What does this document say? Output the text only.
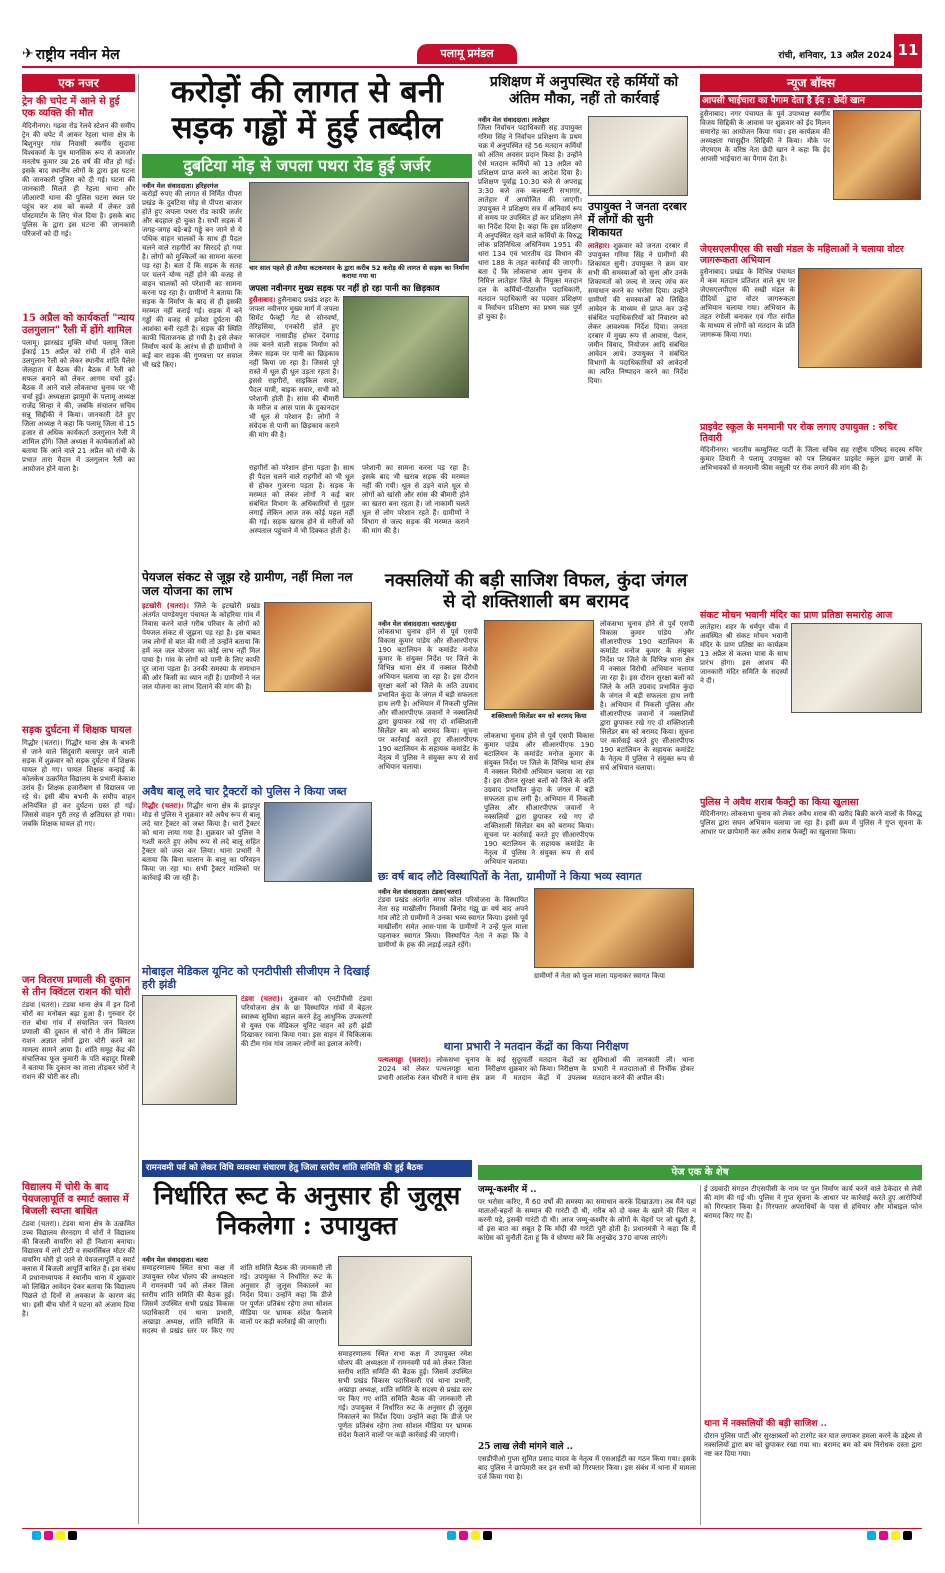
✈ राष्ट्रीय नवीन मेल	पलामू प्रमंडल	रांची, शनिवार, 13 अप्रैल 2024 11
एक नजर
ट्रेन की चपेट में आने से हुई एक व्यक्ति की मौत
मेदिनीनगर। गढ़वा रोड रेलवे स्टेशन की समीप ट्रेन की चपेट में आकर रेहला थाना क्षेत्र के बिशुनपुर गांव निवासी स्वर्गीय सुदामा विश्वकर्मा के पुत्र मानसिक रूप से कमजोर मनतोष कुमार उम्र 26 वर्ष की मौत हो गई। इसके बाद स्थानीय लोगों के द्वारा इस घटना की जानकारी पुलिस को दी गई। घटना की जानकारी मिलते ही रेहला थाना और जीआरपी थाना की पुलिस घटना स्थल पर पहुंच कर शव को कब्जे में लेकर उसे पोस्टमार्टम के लिए भेज दिया है। इसके बाद पुलिस के द्वारा इस घटना की जानकारी परिजनों को दी गई।
15 अप्रैल को कार्यकर्ता "न्याय उलगुलान" रैली में होंगे शामिल
पलामू। झारखंड मुक्ति मोर्चा पलामू जिला ईकाई 15 अप्रैल को रांची में होने वाले उलगुलान रैली को लेकर स्थानीय शांति पैलेस जेलहाता में बैठक की। बैठक में रैली को सफल बनाने को लेकर आगम चर्चा हुई। बैठक में आने वाले लोकसभा चुनाव पर भी चर्चा हुई। अध्यक्षता झामुमो के पलामू अध्यक्ष राजेंद्र सिन्हा ने की, जबकि संचालन सचिव सन्नू सिद्दीकी ने किया। जानकारी देते हुए जिला अध्यक्ष ने कहा कि पलामू जिला से 15 हजार से अधिक कार्यकर्ता उलगुलान रैली में शामिल होंगे। जिले अध्यक्ष ने कार्यकर्ताओं को बताया कि आने वाले 21 अप्रैल को रांची के प्रभात तारा मैदान में उलगुलान रैली का आयोजन होने वाला है।
सड़क दुर्घटना में शिक्षक घायल
गिद्धौर (चतरा)। गिद्धौर थाना क्षेत्र के बभनी से जाने वाले सिंदुवारी बरसपुर जाने वाली सड़क में शुक्रवार को सड़क दुर्घटना में शिक्षक घायल हो गए। घायल शिक्षक कन्हाई के कोलकेथ उत्क्रमित विद्यालय के प्रभारी केकाश उरांव हैं। शिक्षक हजारीबाग से विद्यालय जा रहे थे। इसी बीच बभनी के समीप वाहन अनियंत्रित हो कर दुर्घटना ग्रस्त हो गई। जिससे वाहन पूरी तरह से क्षतिग्रस्त हो गया। जबकि शिक्षक घायल हो गए।
जन वितरण प्रणाली की दुकान से तीन क्विंटल राशन की चोरी
टंडवा (चतरा)। टंडवा थाना क्षेत्र में इन दिनों चोरों का मनोबल बढ़ा हुआ है। गुरुवार देर रात बोधा गांव में संचालित जन वितरण प्रणाली की दुकान से चोरों ने तीन क्विंटल राशन अज्ञात लोगों द्वारा चोरी करने का मामला सामने आया है। शांति समूह केंद्र की संचालिका फूल कुमारी के पति बहादुर मिस्त्री ने बताया कि दुकान का ताला तोड़कर चोरों ने राशन की चोरी कर ली।
विद्यालय में चोरी के बाद पेयजलापूर्ति व स्मार्ट क्लास में बिजली स्वप्ता बाधित
टंडवा (चतरा)। टंडवा थाना क्षेत्र के उत्क्रमित उच्च विद्यालय सेरनदाग में चोरों ने विद्यालय की बिजली वायरिंग को ही निशाना बनाया। विद्यालय में लगे टोटी व सबमर्सिबल मोटर की वायरिंग चोरी हो जाने से पेयजलापूर्ति व स्मार्ट क्लास में बिजली आपूर्ति बाधित है। इस संबंध में प्रधानाध्यापक ने स्थानीय थाना में शुक्रवार को लिखित आवेदन देकर बताया कि विद्यालय पिछले दो दिनों से अवकाश के कारण बंद था। इसी बीच चोरों ने घटना को अंजाम दिया है।
करोड़ों की लागत से बनी सड़क गड्ढों में हुई तब्दील
दुबटिया मोड़ से जपला पथरा रोड हुई जर्जर
नवीन मेल संवाददाता। हरिहरगंज
करोड़ों रुपए की लागत से निर्मित पीपरा प्रखंड के दुबटिया मोड़ से पीपरा बाजार होते हुए जपला पथरा रोड काफी जर्जर और बदहाल हो चुका है। सभी सड़क में जगह-जगह बड़े-बड़े गड्ढे बन जाने से ये पथिक वाहन चालकों के साथ ही पैदल चलने वाले राहगीरों का सिरदर्द हो गया है। लोगों को मुश्किलों का सामना करना पड़ रहा है। बता दें कि सड़क के सतह पर चलने योग्य नहीं होने की वजह से वाहन चालकों को परेशानी का सामना करना पड़ रहा है। ग्रामीणों ने बताया कि सड़क के निर्माण के बाद से ही इसकी मरम्मत नहीं कराई गई। सड़क में बने गड्ढों की वजह से हमेशा दुर्घटना की आशंका बनी रहती है। सड़क की स्थिति काफी चिंताजनक हो गयी है। इसे लेकर निर्माण कार्य के आरंभ से ही ग्रामीणों ने कई बार सड़क की गुणवत्ता पर सवाल भी खड़े किए।
चार साल पहले ही तलैया कटकमसन के द्वारा करीब 52 करोड़ की लागत से सड़क का निर्माण कराया गया था
जपला नवीनगर मुख्य सड़क पर नहीं हो रहा पानी का छिड़काव
हुसैनाबाद। हुसैनाबाद प्रखंड शहर के जपला नवीनगर मुख्य मार्ग में जपला सिमेंट फैक्ट्री गेट से सोनवर्षा, तेरिहसिया, एनकोरी होते हुए काजदार नासाडीह होकर देवगाड़ तक बनने वाली सड़क निर्माण को लेकर सड़क पर पानी का छिड़काव नहीं किया जा रहा है। जिससे पूरे रास्ते में धूल ही धूल उड़ता रहता है। इससे राहगीरों, साइकिल सवार, पैदल यात्री, बाइक सवार, सभी को परेशानी होती है। सांस की बीमारी के मरीज व आस पास के दुकानदार भी धूल से परेशान हैं। लोगों ने संवेदक से पानी का छिड़काव कराने की मांग की है।
राहगीरों को परेशान होना पड़ता है। साथ ही पैदल चलने वाले राहगीरों को भी धूल से होकर गुजरना पड़ता है। सड़क के मरम्मत को लेकर लोगों ने कई बार संबंधित विभाग के अधिकारियों से गुहार लगाई लेकिन आज तक कोई पहल नहीं की गई। सड़क खराब होने से मरीजों को अस्पताल पहुंचाने में भी दिक्कत होती है।
परेशानी का सामना करना पड़ रहा है। इसके बाद भी खराब सड़क की मरम्मत नहीं की गयी। धूल से उड़ने वाले धूल से लोगों को खांसी और सांस की बीमारी होने का खतरा बना रहता है। जो नाकामी चलते धूल से लोग परेशान रहते हैं। ग्रामीणों ने विभाग से जल्द सड़क की मरम्मत कराने की मांग की है।
प्रशिक्षण में अनुपस्थित रहे कर्मियों को अंतिम मौका, नहीं तो कार्रवाई
नवीन मेल संवाददाता। लातेहार
जिला निर्वाचन पदाधिकारी सह उपायुक्त गरिमा सिंह ने निर्वाचन प्रशिक्षण के प्रथम चक्र में अनुपस्थित रहे 56 मतदान कर्मियों को अंतिम अवसर प्रदान किया है। उन्होंने ऐसे मतदान कर्मियों को 13 अप्रैल को प्रशिक्षण प्राप्त करने का आदेश दिया है। प्रशिक्षण पूर्वाह्न 10:30 बजे से अपराह्न 3:30 बजे तक कलक्टरी सभागार, लातेहार में आयोजित की जाएगी। उपायुक्त ने प्रशिक्षण सत्र में अनिवार्य रूप से समय पर उपस्थित हो कर प्रशिक्षण लेने का निर्देश दिया है। कहा कि इस प्रशिक्षण में अनुपस्थित रहने वाले कर्मियों के विरुद्ध लोक प्रतिनिधित्व अधिनियम 1951 की धारा 134 एवं भारतीय दंड विधान की धारा 188 के तहत कार्रवाई की जाएगी। बता दें कि लोकसभा आम चुनाव के निमित्त लातेहार जिले के नियुक्त मतदान दल के कर्मियों-पीठासीन पदाधिकारी, मतदान पदाधिकारी का पदवार प्रशिक्षण व निर्वाचन प्रशिक्षण का प्रथम चक्र पूर्ण हो चुका है।
उपायुक्त ने जनता दरबार में लोगों की सुनी शिकायत
लातेहार। शुक्रवार को जनता दरबार में उपायुक्त गरिमा सिंह ने ग्रामीणों की शिकायत सुनी। उपायुक्त ने क्रम वार सभी की समस्याओं को सुना और उनके शिकायतों को जल्द से जल्द जांच कर समाधान करने का भरोसा दिया। उन्होंने ग्रामीणों की समस्याओं को लिखित आवेदन के माध्यम से प्राप्त कर उन्हें संबंधित पदाधिकारियों को निवारण को लेकर आवश्यक निर्देश दिया। जनता दरबार में मुख्य रूप से आवास, पेंशन, जमीन विवाद, नियोजन आदि संबंधित आवेदन आये। उपायुक्त ने संबंधित विभागों के पदाधिकारियों को आवेदनों का त्वरित निष्पादन करने का निर्देश दिया।
न्यूज बॉक्स
आपसी भाईचारा का पैगाम देता है ईद : छेदी खान
हुसैनाबाद। नगर पंचायत के पूर्व उपाध्यक्ष स्वर्गीय विजय सिद्दिकी के आवास पर शुक्रवार को ईद मिलन समारोह का आयोजन किया गया। इस कार्यक्रम की अध्यक्षता ग्यासुद्दीन सिद्दिकी ने किया। मौके पर जेएमएम के वरिष्ठ नेता छेदी खान ने कहा कि ईद आपसी भाईचारा का पैगाम देता है।
जेएसएलपीएस की सखी मंडल के महिलाओं ने चलाया वोटर जागरूकता अभियान
हुसैनाबाद। प्रखंड के विभिन्न पंचायत में कम मतदान प्रतिशत वाले बूथ पर जेएसएलपीएस की सखी मंडल के दीदियों द्वारा वोटर जागरूकता अभियान चलाया गया। अभियान के तहत रंगोली बनाकर एवं गीत संगीत के माध्यम से लोगों को मतदान के प्रति जागरूक किया गया।
प्राइवेट स्कूल के मनमानी पर रोक लगाए उपायुक्त : रुचिर तिवारी
मेदिनीनगर। भारतीय कम्युनिस्ट पार्टी के जिला सचिव सह राष्ट्रीय परिषद सदस्य रुचिर कुमार तिवारी ने पलामू उपायुक्त को पत्र लिखकर प्राइवेट स्कूल द्वारा छात्रों के अभिभावकों से मनमानी फीस वसूली पर रोक लगाने की मांग की है।
संकट मोचन भवानी मंदिर का प्राण प्रतिष्ठा समारोह आज
लातेहार। शहर के धर्मपुर चौक में अवस्थित श्री संकट मोचन भवानी मंदिर के प्राण प्रतिष्ठा का कार्यक्रम 13 अप्रैल से कलश यात्रा के साथ प्रारंभ होगा। इस आशय की जानकारी मंदिर समिति के सदस्यों ने दी।
पुलिस ने अवैध शराब फैक्ट्री का किया खुलासा
मेदिनीनगर। लोकसभा चुनाव को लेकर अवैध शराब की खरीद बिक्री करने वालों के विरुद्ध पुलिस द्वारा सघन अभियान चलाया जा रहा है। इसी क्रम में पुलिस ने गुप्त सूचना के आधार पर छापेमारी कर अवैध शराब फैक्ट्री का खुलासा किया।
पेयजल संकट से जूझ रहे ग्रामीण, नहीं मिला नल जल योजना का लाभ
इटखोरी (चतरा)। जिले के इटखोरी प्रखंड अंतर्गत पाण्डेयपुरा पंचायत के कोहरिया गांव में निवास करने वाले गरीब परिवार के लोगों को पेयजल संकट से जूझना पड़ रहा है। इस बाबत जब लोगों से बात की गयी तो उन्होंने बताया कि हमें नल जल योजना का कोई लाभ नहीं मिल पाया है। गांव के लोगों को पानी के लिए काफी दूर जाना पड़ता है। उनकी समस्या के समाधान की ओर किसी का ध्यान नहीं है। ग्रामीणों ने नल जल योजना का लाभ दिलाने की मांग की है।
अवैध बालू लदे चार ट्रैक्टरों को पुलिस ने किया जब्त
गिद्धौर (चतरा)। गिद्धौर थाना क्षेत्र के झाड़पुर मोड़ से पुलिस ने शुक्रवार को अवैध रूप से बालू लदे चार ट्रैक्टर को जब्त किया है। चारों ट्रैक्टर को थाना लाया गया है। शुक्रवार को पुलिस ने गश्ती करते हुए अवैध रूप से लदे बालू सहित ट्रैक्टर को जब्त कर लिया। थाना प्रभारी ने बताया कि बिना चालान के बालू का परिवहन किया जा रहा था। सभी ट्रैक्टर मालिकों पर कार्रवाई की जा रही है।
मोबाइल मेडिकल यूनिट को एनटीपीसी सीजीएम ने दिखाई हरी झंडी
टंडवा (चतरा)। शुक्रवार को एनटीपीसी टंडवा परियोजना क्षेत्र के छः विस्थापित गांवों में बेहतर स्वास्थ्य सुविधा बहाल करने हेतु आधुनिक उपकरणों से युक्त एक मेडिकल यूनिट वाहन को हरी झंडी दिखाकर रवाना किया गया। इस वाहन में चिकित्सक की टीम गांव गांव जाकर लोगों का इलाज करेगी।
नक्सलियों की बड़ी साजिश विफल, कुंदा जंगल से दो शक्तिशाली बम बरामद
नवीन मेल संवाददाता। चतरा/कुंदा
लोकसभा चुनाव होने से पूर्व एसपी विकास कुमार पांडेय और सीआरपीएफ 190 बटालियन के कमांडेंट मनोज कुमार के संयुक्त निर्देश पर जिले के विभिन्न थाना क्षेत्र में नक्सल विरोधी अभियान चलाया जा रहा है। इस दौरान सुरक्षा बलों को जिले के अति उग्रवाद प्रभावित कुंदा के जंगल में बड़ी सफलता हाथ लगी है। अभियान में निकली पुलिस और सीआरपीएफ जवानों ने नक्सलियों द्वारा छुपाकर रखे गए दो शक्तिशाली सिलेंडर बम को बरामद किया। सूचना पर कार्रवाई करते हुए सीआरपीएफ 190 बटालियन के सहायक कमांडेंट के नेतृत्व में पुलिस ने संयुक्त रूप से सर्च अभियान चलाया।
शक्तिशाली सिलेंडर बम को बरामद किया
लोकसभा चुनाव होने से पूर्व एसपी विकास कुमार पांडेय और सीआरपीएफ 190 बटालियन के कमांडेंट मनोज कुमार के संयुक्त निर्देश पर जिले के विभिन्न थाना क्षेत्र में नक्सल विरोधी अभियान चलाया जा रहा है। इस दौरान सुरक्षा बलों को जिले के अति उग्रवाद प्रभावित कुंदा के जंगल में बड़ी सफलता हाथ लगी है। अभियान में निकली पुलिस और सीआरपीएफ जवानों ने नक्सलियों द्वारा छुपाकर रखे गए दो शक्तिशाली सिलेंडर बम को बरामद किया। सूचना पर कार्रवाई करते हुए सीआरपीएफ 190 बटालियन के सहायक कमांडेंट के नेतृत्व में पुलिस ने संयुक्त रूप से सर्च अभियान चलाया।
लोकसभा चुनाव होने से पूर्व एसपी विकास कुमार पांडेय और सीआरपीएफ 190 बटालियन के कमांडेंट मनोज कुमार के संयुक्त निर्देश पर जिले के विभिन्न थाना क्षेत्र में नक्सल विरोधी अभियान चलाया जा रहा है। इस दौरान सुरक्षा बलों को जिले के अति उग्रवाद प्रभावित कुंदा के जंगल में बड़ी सफलता हाथ लगी है। अभियान में निकली पुलिस और सीआरपीएफ जवानों ने नक्सलियों द्वारा छुपाकर रखे गए दो शक्तिशाली सिलेंडर बम को बरामद किया। सूचना पर कार्रवाई करते हुए सीआरपीएफ 190 बटालियन के सहायक कमांडेंट के नेतृत्व में पुलिस ने संयुक्त रूप से सर्च अभियान चलाया।
छः वर्ष बाद लौटे विस्थापितों के नेता, ग्रामीणों ने किया भव्य स्वागत
नवीन मेल संवाददाता। टंडवा(चतरा)
टंडवा प्रखंड अंतर्गत मगध कोल परियोजना के विस्थापित नेता सह माखीलौंग निवासी बिनोद गंझू छः वर्ष बाद अपने गांव लौटे तो ग्रामीणों ने उनका भव्य स्वागत किया। इससे पूर्व माखीलौंग समेत आस-पास के ग्रामीणों ने उन्हें फूल माला पहनाकर स्वागत किया। विस्थापित नेता ने कहा कि वे ग्रामीणों के हक की लड़ाई लड़ते रहेंगे।
ग्रामीणों ने नेता को फूल माला पहनाकर स्वागत किया
थाना प्रभारी ने मतदान केंद्रों का किया निरीक्षण
पत्थलगड्डा (चतरा)। लोकसभा चुनाव 2024 को लेकर पत्थलगड्डा थाना प्रभारी आलोक रंजन चौधरी ने थाना क्षेत्र के कई सुदूरवर्ती मतदान केंद्रों का निरीक्षण शुक्रवार को किया। निरीक्षण के क्रम में मतदान केंद्रों में उपलब्ध सुविधाओं की जानकारी ली। थाना प्रभारी ने मतदाताओं से निर्भीक होकर मतदान करने की अपील की।
रामनवमी पर्व को लेकर विधि व्यवस्था संधारण हेतु जिला स्तरीय शांति समिति की हुई बैठक
निर्धारित रूट के अनुसार ही जुलूस निकलेगा : उपायुक्त
नवीन मेल संवाददाता। चतरा
समाहरणालय स्थित सभा कक्ष में उपायुक्त रमेश घोलप की अध्यक्षता में रामनवमी पर्व को लेकर जिला स्तरीय शांति समिति की बैठक हुई। जिसमें उपस्थित सभी प्रखंड विकास पदाधिकारी एवं थाना प्रभारी, अखाड़ा अध्यक्ष, शांति समिति के सदस्य से प्रखंड स्तर पर किए गए शांति समिति बैठक की जानकारी ली गई। उपायुक्त ने निर्धारित रूट के अनुसार ही जुलूस निकालने का निर्देश दिया। उन्होंने कहा कि डीजे पर पूर्णतः प्रतिबंध रहेगा तथा सोशल मीडिया पर भ्रामक संदेश फैलाने वालों पर कड़ी कार्रवाई की जाएगी।
समाहरणालय स्थित सभा कक्ष में उपायुक्त रमेश घोलप की अध्यक्षता में रामनवमी पर्व को लेकर जिला स्तरीय शांति समिति की बैठक हुई। जिसमें उपस्थित सभी प्रखंड विकास पदाधिकारी एवं थाना प्रभारी, अखाड़ा अध्यक्ष, शांति समिति के सदस्य से प्रखंड स्तर पर किए गए शांति समिति बैठक की जानकारी ली गई। उपायुक्त ने निर्धारित रूट के अनुसार ही जुलूस निकालने का निर्देश दिया। उन्होंने कहा कि डीजे पर पूर्णतः प्रतिबंध रहेगा तथा सोशल मीडिया पर भ्रामक संदेश फैलाने वालों पर कड़ी कार्रवाई की जाएगी।
पेज एक के शेष
जम्मू-कश्मीर में ..
पर भरोसा करिए, मैं 60 वर्षों की समस्या का समाधान करके दिखाऊंगा। तब मैंने यहां माताओं-बहनों के सम्मान की गारंटी दी थी, गरीब को दो वक्त के खाने की चिंता न करनी पड़े, इसकी गारंटी दी थी। आज जम्मू-कश्मीर के लोगों के चेहरों पर जो खुशी है, वो इस बात का सबूत है कि मोदी की गारंटी पूरी होती है। प्रधानमंत्री ने कहा कि मैं कांग्रेस को चुनौती देता हूं कि वे घोषणा करें कि अनुच्छेद 370 वापस लाएंगे।
25 लाख लेवी मांगने वाले ..
एसडीपीओ गुप्ता सुमित प्रसाद यादव के नेतृत्व में एसआईटी का गठन किया गया। इसके बाद पुलिस ने छापेमारी कर इन सभी को गिरफ्तार किया। इस संबंध में थाना में मामला दर्ज किया गया है।
ई उग्रवादी संगठन टीएसपीसी के नाम पर पुल निर्माण कार्य करने वाले ठेकेदार से लेवी की मांग की गई थी। पुलिस ने गुप्त सूचना के आधार पर कार्रवाई करते हुए आरोपियों को गिरफ्तार किया है। गिरफ्तार अपराधियों के पास से हथियार और मोबाइल फोन बरामद किए गए हैं।
थाना में नक्सलियों की बड़ी साजिश ..
दौरान पुलिस पार्टी और सुरक्षाबलों को टारगेट कर घात लगाकर हमला करने के उद्देश्य से नक्सलियों द्वारा बम को छुपाकर रखा गया था। बरामद बम को बम निरोधक दस्ता द्वारा नष्ट कर दिया गया।
